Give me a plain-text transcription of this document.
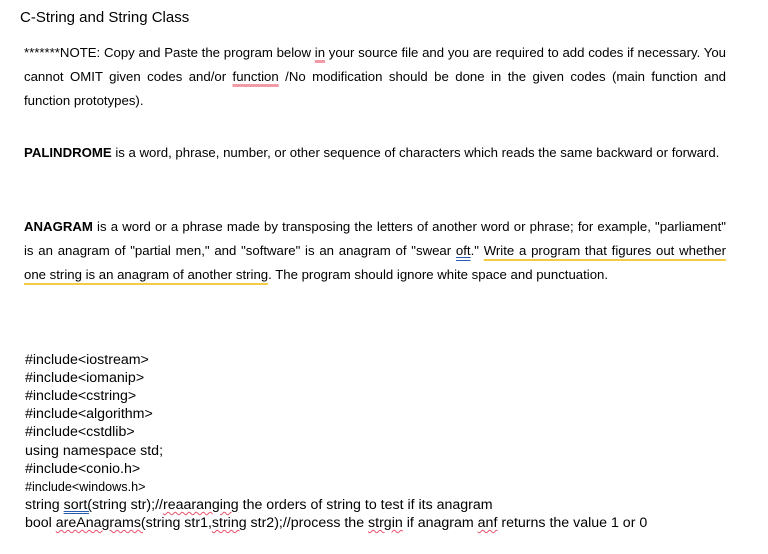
C-String and String Class
*******NOTE: Copy and Paste the program below in your source file and you are required to add codes if necessary. You cannot OMIT given codes and/or function /No modification should be done in the given codes (main function and function prototypes).
PALINDROME is a word, phrase, number, or other sequence of characters which reads the same backward or forward.
ANAGRAM is a word or a phrase made by transposing the letters of another word or phrase; for example, "parliament" is an anagram of "partial men," and "software" is an anagram of "swear oft." Write a program that figures out whether one string is an anagram of another string. The program should ignore white space and punctuation.

#include<iostream>
#include<iomanip>
#include<cstring>
#include<algorithm>
#include<cstdlib>
using namespace std;
#include<conio.h>
#include<windows.h>
string sort(string str);//reaaranging the orders of string to test if its anagram
bool areAnagrams(string str1,string str2);//process the strgin if anagram anf returns the value 1 or 0
